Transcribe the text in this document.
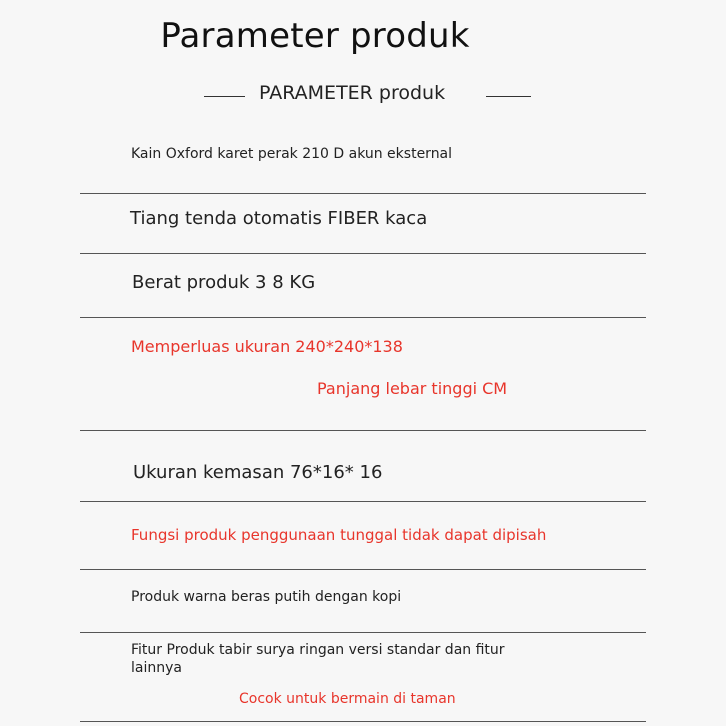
Parameter produk
PARAMETER produk
Kain Oxford karet perak 210 D akun eksternal
Tiang tenda otomatis FIBER kaca
Berat produk 3 8 KG
Memperluas ukuran 240*240*138
Panjang lebar tinggi CM
Ukuran kemasan 76*16* 16
Fungsi produk penggunaan tunggal tidak dapat dipisah
Produk warna beras putih dengan kopi
Fitur Produk tabir surya ringan versi standar dan fitur
lainnya
Cocok untuk bermain di taman
